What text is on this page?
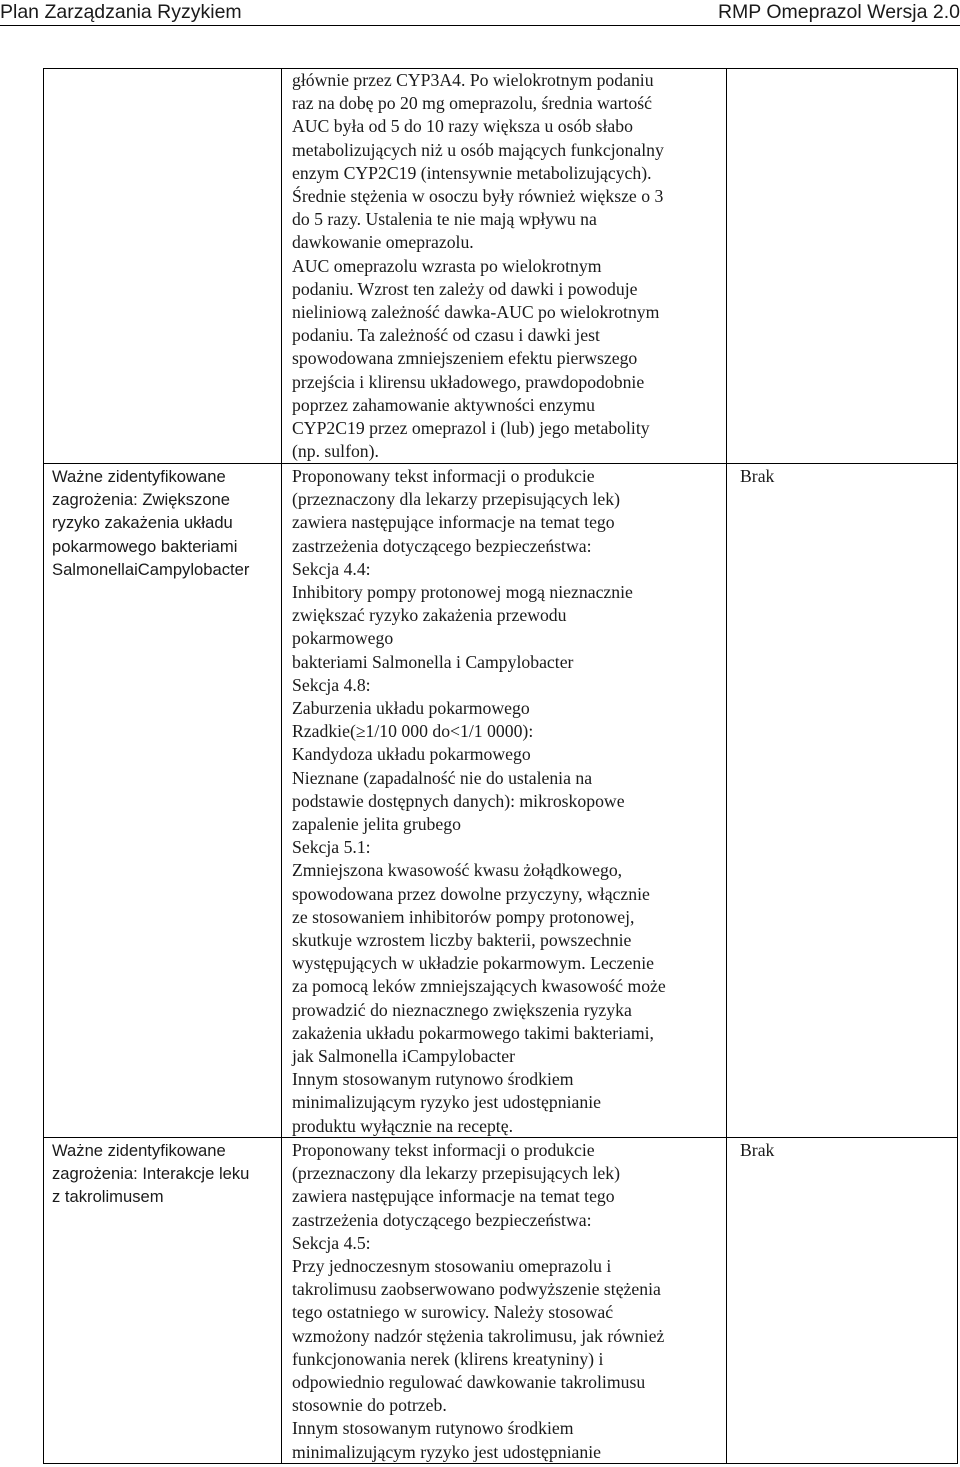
Plan Zarządzania Ryzykiem	RMP Omeprazol Wersja 2.0
głównie przez CYP3A4. Po wielokrotnym podaniu
raz na dobę po 20 mg omeprazolu, średnia wartość
AUC była od 5 do 10 razy większa u osób słabo
metabolizujących niż u osób mających funkcjonalny
enzym CYP2C19 (intensywnie metabolizujących).
Średnie stężenia w osoczu były również większe o 3
do 5 razy. Ustalenia te nie mają wpływu na
dawkowanie omeprazolu.
AUC omeprazolu wzrasta po wielokrotnym
podaniu. Wzrost ten zależy od dawki i powoduje
nieliniową zależność dawka-AUC po wielokrotnym
podaniu. Ta zależność od czasu i dawki jest
spowodowana zmniejszeniem efektu pierwszego
przejścia i klirensu układowego, prawdopodobnie
poprzez zahamowanie aktywności enzymu
CYP2C19 przez omeprazol i (lub) jego metabolity
(np. sulfon).
Ważne zidentyfikowane
zagrożenia: Zwiększone
ryzyko zakażenia układu
pokarmowego bakteriami
SalmonellaiCampylobacter
Proponowany tekst informacji o produkcie
(przeznaczony dla lekarzy przepisujących lek)
zawiera następujące informacje na temat tego
zastrzeżenia dotyczącego bezpieczeństwa:
Sekcja 4.4:
Inhibitory pompy protonowej mogą nieznacznie
zwiększać ryzyko zakażenia przewodu
pokarmowego
bakteriami Salmonella i Campylobacter
Sekcja 4.8:
Zaburzenia układu pokarmowego
Rzadkie(≥1/10 000 do<1/1 0000):
Kandydoza układu pokarmowego
Nieznane (zapadalność nie do ustalenia na
podstawie dostępnych danych): mikroskopowe
zapalenie jelita grubego
Sekcja 5.1:
Zmniejszona kwasowość kwasu żołądkowego,
spowodowana przez dowolne przyczyny, włącznie
ze stosowaniem inhibitorów pompy protonowej,
skutkuje wzrostem liczby bakterii, powszechnie
występujących w układzie pokarmowym. Leczenie
za pomocą leków zmniejszających kwasowość może
prowadzić do nieznacznego zwiększenia ryzyka
zakażenia układu pokarmowego takimi bakteriami,
jak Salmonella iCampylobacter
Innym stosowanym rutynowo środkiem
minimalizującym ryzyko jest udostępnianie
produktu wyłącznie na receptę.
Brak
Ważne zidentyfikowane
zagrożenia: Interakcje leku
z takrolimusem
Proponowany tekst informacji o produkcie
(przeznaczony dla lekarzy przepisujących lek)
zawiera następujące informacje na temat tego
zastrzeżenia dotyczącego bezpieczeństwa:
Sekcja 4.5:
Przy jednoczesnym stosowaniu omeprazolu i
takrolimusu zaobserwowano podwyższenie stężenia
tego ostatniego w surowicy. Należy stosować
wzmożony nadzór stężenia takrolimusu, jak również
funkcjonowania nerek (klirens kreatyniny) i
odpowiednio regulować dawkowanie takrolimusu
stosownie do potrzeb.
Innym stosowanym rutynowo środkiem
minimalizującym ryzyko jest udostępnianie
Brak
